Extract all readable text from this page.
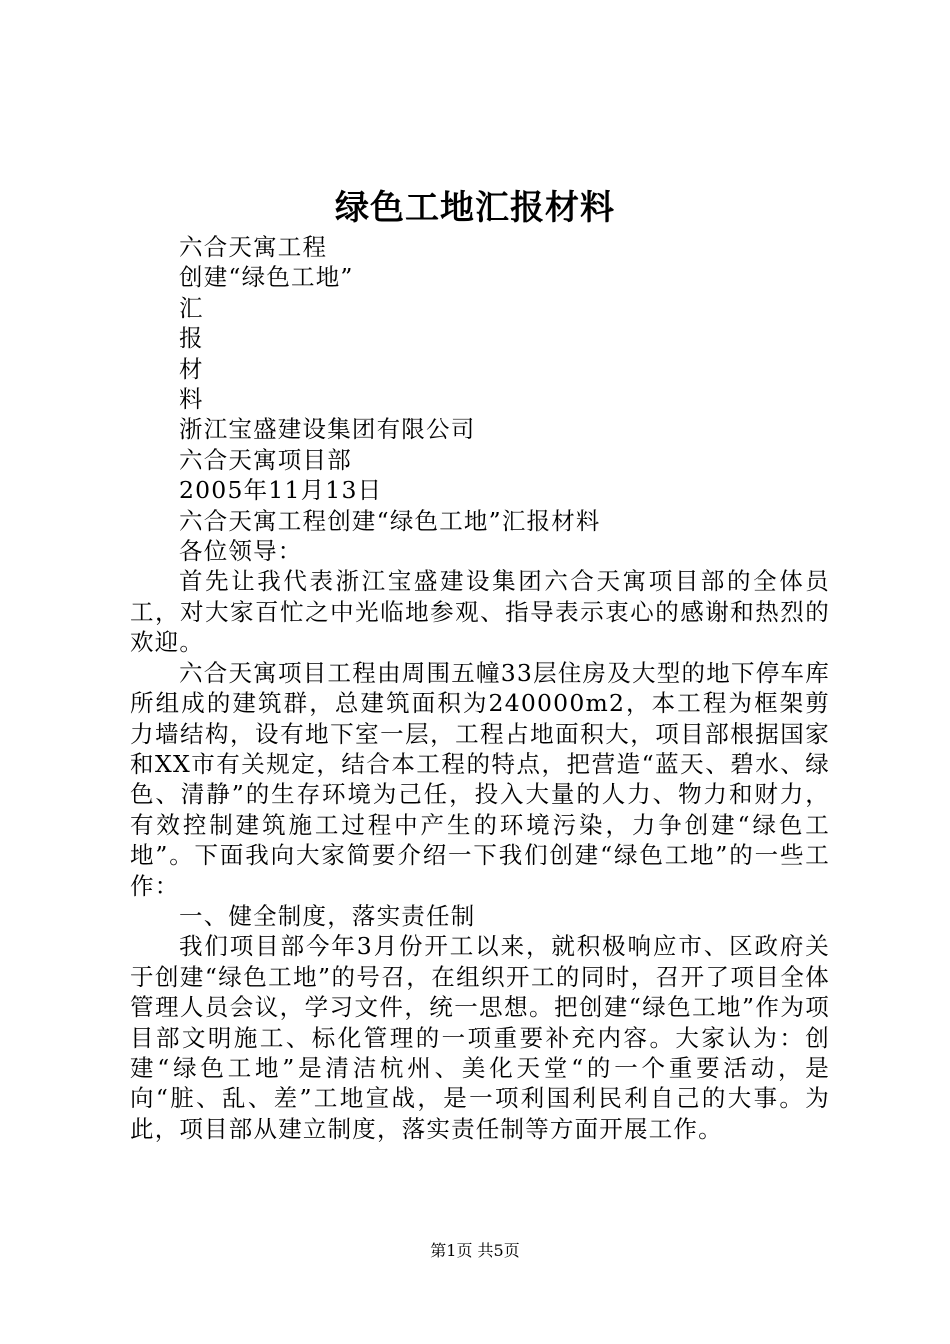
绿色工地汇报材料
六合天寓工程
创建“绿色工地”
汇
报
材
料
浙江宝盛建设集团有限公司
六合天寓项目部
2005年11月13日
六合天寓工程创建“绿色工地”汇报材料
各位领导：
首先让我代表浙江宝盛建设集团六合天寓项目部的全体员工，对大家百忙之中光临地参观、指导表示衷心的感谢和热烈的欢迎。
六合天寓项目工程由周围五幢33层住房及大型的地下停车库所组成的建筑群，总建筑面积为240000m2，本工程为框架剪力墙结构，设有地下室一层，工程占地面积大，项目部根据国家和XX市有关规定，结合本工程的特点，把营造“蓝天、碧水、绿色、清静”的生存环境为己任，投入大量的人力、物力和财力，有效控制建筑施工过程中产生的环境污染，力争创建“绿色工地”。下面我向大家简要介绍一下我们创建“绿色工地”的一些工作：
一、健全制度，落实责任制
我们项目部今年3月份开工以来，就积极响应市、区政府关于创建“绿色工地”的号召，在组织开工的同时，召开了项目全体管理人员会议，学习文件，统一思想。把创建“绿色工地”作为项目部文明施工、标化管理的一项重要补充内容。大家认为：创建“绿色工地”是清洁杭州、美化天堂“的一个重要活动，是向“脏、乱、差”工地宣战，是一项利国利民利自己的大事。为此，项目部从建立制度，落实责任制等方面开展工作。
第1页 共5页
